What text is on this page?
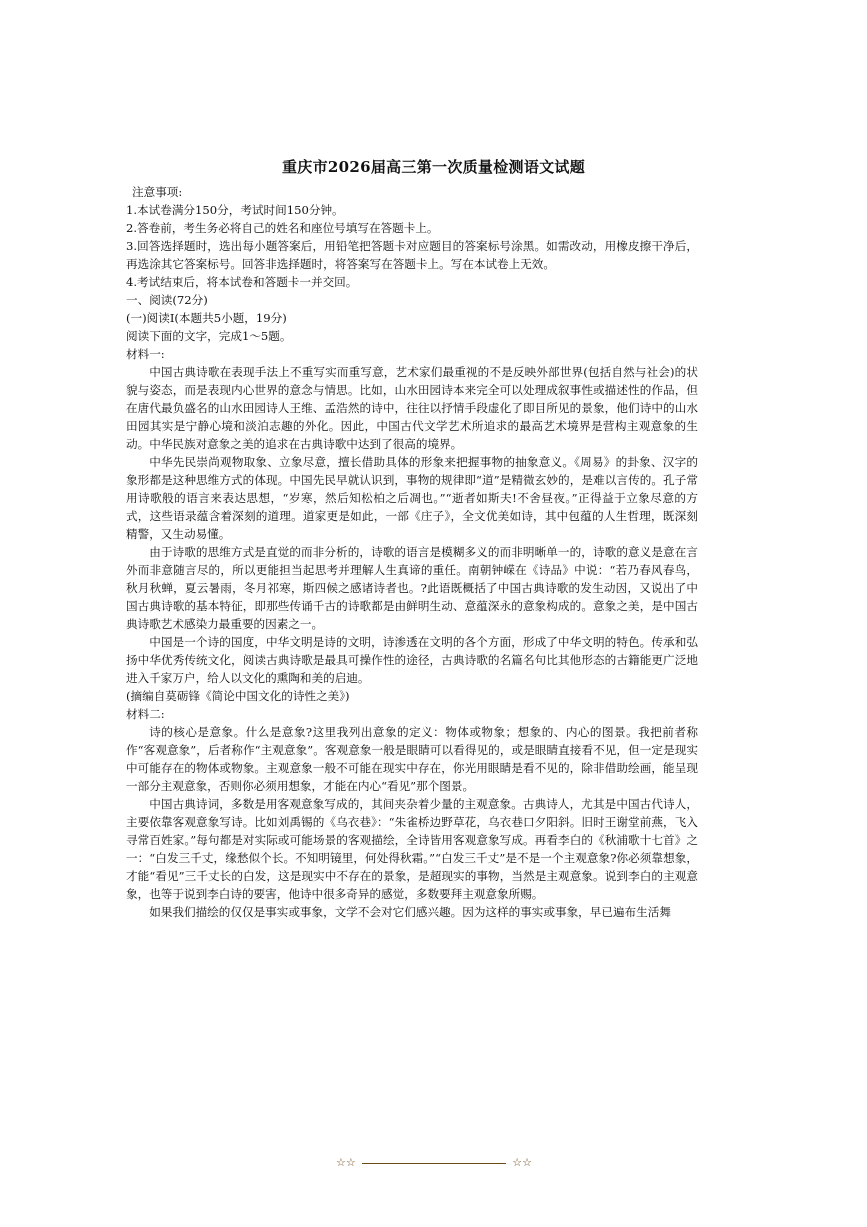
重庆市2026届高三第一次质量检测语文试题

注意事项:

1.本试卷满分150分，考试时间150分钟。

2.答卷前，考生务必将自己的姓名和座位号填写在答题卡上。

3.回答选择题时，选出每小题答案后，用铅笔把答题卡对应题目的答案标号涂黑。如需改动，用橡皮擦干净后，再选涂其它答案标号。回答非选择题时，将答案写在答题卡上。写在本试卷上无效。

4.考试结束后，将本试卷和答题卡一并交回。

一、阅读(72分)

(一)阅读Ⅰ(本题共5小题，19分)

阅读下面的文字，完成1～5题。

材料一:

中国古典诗歌在表现手法上不重写实而重写意，艺术家们最重视的不是反映外部世界(包括自然与社会)的状貌与姿态，而是表现内心世界的意念与情思。比如，山水田园诗本来完全可以处理成叙事性或描述性的作品，但在唐代最负盛名的山水田园诗人王维、孟浩然的诗中，往往以抒情手段虚化了即目所见的景象，他们诗中的山水田园其实是宁静心境和淡泊志趣的外化。因此，中国古代文学艺术所追求的最高艺术境界是营构主观意象的生动。中华民族对意象之美的追求在古典诗歌中达到了很高的境界。

中华先民崇尚观物取象、立象尽意，擅长借助具体的形象来把握事物的抽象意义。《周易》的卦象、汉字的象形都是这种思维方式的体现。中国先民早就认识到，事物的规律即“道”是精微玄妙的，是难以言传的。孔子常用诗歌般的语言来表达思想，“岁寒，然后知松柏之后凋也。”“逝者如斯夫!不舍昼夜。”正得益于立象尽意的方式，这些语录蕴含着深刻的道理。道家更是如此，一部《庄子》，全文优美如诗，其中包蕴的人生哲理，既深刻精警，又生动易懂。

由于诗歌的思维方式是直觉的而非分析的，诗歌的语言是模糊多义的而非明晰单一的，诗歌的意义是意在言外而非意随言尽的，所以更能担当起思考并理解人生真谛的重任。南朝钟嵘在《诗品》中说：“若乃春风春鸟，秋月秋蝉，夏云暑雨，冬月祁寒，斯四候之感诸诗者也。?此语既概括了中国古典诗歌的发生动因，又说出了中国古典诗歌的基本特征，即那些传诵千古的诗歌都是由鲜明生动、意蕴深永的意象构成的。意象之美，是中国古典诗歌艺术感染力最重要的因素之一。

中国是一个诗的国度，中华文明是诗的文明，诗渗透在文明的各个方面，形成了中华文明的特色。传承和弘扬中华优秀传统文化，阅读古典诗歌是最具可操作性的途径，古典诗歌的名篇名句比其他形态的古籍能更广泛地进入千家万户，给人以文化的熏陶和美的启迪。

(摘编自莫砺锋《简论中国文化的诗性之美》)

材料二:

诗的核心是意象。什么是意象?这里我列出意象的定义：物体或物象；想象的、内心的图景。我把前者称作“客观意象”，后者称作“主观意象”。客观意象一般是眼睛可以看得见的，或是眼睛直接看不见，但一定是现实中可能存在的物体或物象。主观意象一般不可能在现实中存在，你光用眼睛是看不见的，除非借助绘画，能呈现一部分主观意象，否则你必须用想象，才能在内心“看见”那个图景。

中国古典诗词，多数是用客观意象写成的，其间夹杂着少量的主观意象。古典诗人，尤其是中国古代诗人，主要依靠客观意象写诗。比如刘禹锡的《乌衣巷》：“朱雀桥边野草花，乌衣巷口夕阳斜。旧时王谢堂前燕，飞入寻常百姓家。”每句都是对实际或可能场景的客观描绘，全诗皆用客观意象写成。再看李白的《秋浦歌十七首》之一：“白发三千丈，缘愁似个长。不知明镜里，何处得秋霜。”“白发三千丈”是不是一个主观意象?你必须靠想象，才能“看见”三千丈长的白发，这是现实中不存在的景象，是超现实的事物，当然是主观意象。说到李白的主观意象，也等于说到李白诗的要害，他诗中很多奇异的感觉，多数要拜主观意象所赐。

如果我们描绘的仅仅是事实或事象，文学不会对它们感兴趣。因为这样的事实或事象，早已遍布生活舞

☆☆	☆☆
